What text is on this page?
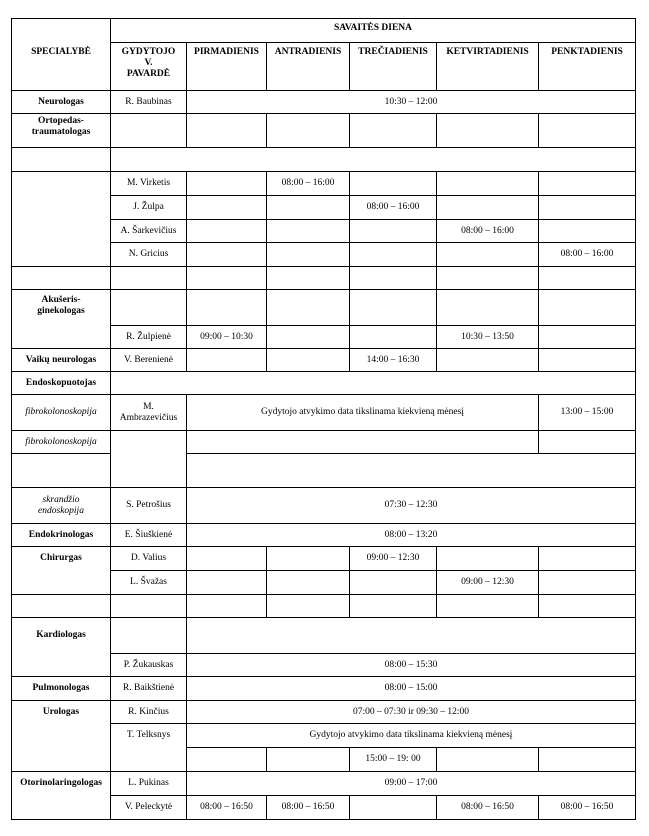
	SAVAITĖS DIENA					
SPECIALYBĖ	GYDYTOJO
V.
PAVARDĖ	PIRMADIENIS	ANTRADIENIS	TREČIADIENIS	KETVIRTADIENIS	PENKTADIENIS
Neurologas	R. Baubinas	10:30 – 12:00				

Ortopedas-
traumatologas						

	M. Virketis		08:00 – 16:00			
	J. Žulpa			08:00 – 16:00		
	A. Šarkevičius				08:00 – 16:00	
	N. Gricius					08:00 – 16:00

Akušeris-
ginekologas						

	R. Žulpienė	09:00 – 10:30			10:30 – 13:50	
Vaikų neurologas	V. Berenienė			14:00 – 16:30		
Endoskopuotojas						
fibrokolonoskopija	M.
Ambrazevičius	Gydytojo atvykimo data tikslinama kiekvieną mėnesį				13:00 – 15:00
fibrokolonoskopija						

skrandžio
endoskopija	S. Petrošius	07:30 – 12:30				
Endokrinologas	E. Šiuškienė	08:00 – 13:20				
Chirurgas	D. Valius			09:00 – 12:30		
	L. Švažas				09:00 – 12:30	

Kardiologas						
	P. Žukauskas	08:00 – 15:30				
Pulmonologas	R. Baikštienė	08:00 – 15:00				
Urologas	R. Kinčius	07:00 – 07:30 ir 09:30 – 12:00				
	T. Telksnys	Gydytojo atvykimo data tikslinama kiekvieną mėnesį				
				15:00 – 19: 00		
Otorinolaringologas	L. Pukinas	09:00 – 17:00				
	V. Peleckytė	08:00 – 16:50	08:00 – 16:50		08:00 – 16:50	08:00 – 16:50
